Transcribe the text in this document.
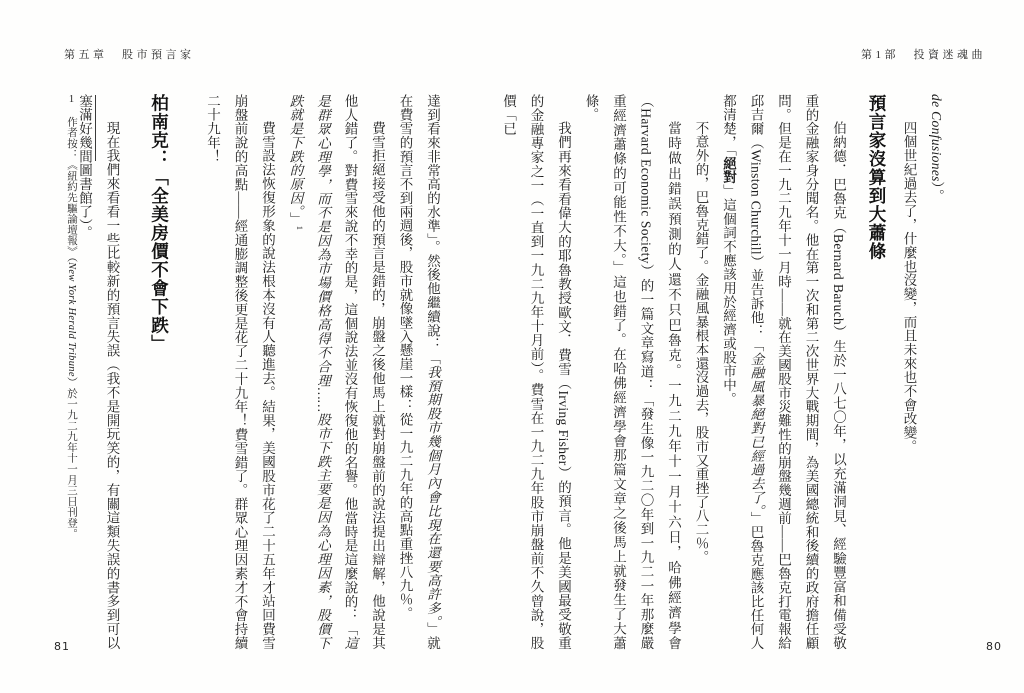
第五章　股市預言家	第1部　投資迷魂曲

de Confusiones）。

四個世紀過去了，什麼也沒變，而且未來也不會改變。

預言家沒算到大蕭條

伯納德．巴魯克（Bernard Baruch）生於一八七〇年，以充滿洞見、經驗豐富和備受敬重的金融家身分聞名。他在第一次和第二次世界大戰期間，為美國總統和後續的政府擔任顧問。但是在一九二九年十一月時——就在美國股市災難性的崩盤幾週前——巴魯克打電報給邱吉爾（Winston Churchill）並告訴他：「金融風暴絕對已經過去了。」巴魯克應該比任何人都清楚，「絕對」這個詞不應該用於經濟或股市中。

不意外的，巴魯克錯了。金融風暴根本還沒過去，股市又重挫了八二％。

當時做出錯誤預測的人還不只巴魯克。一九二九年十一月十六日，哈佛經濟學會（Harvard Economic Society）的一篇文章寫道：「發生像一九二〇年到一九二一年那麼嚴重經濟蕭條的可能性不大。」這也錯了。在哈佛經濟學會那篇文章之後馬上就發生了大蕭條。

我們再來看看偉大的耶魯教授歐文．費雪（Irving Fisher）的預言。他是美國最受敬重的金融專家之一（一直到一九二九年十月前）。費雪在一九二九年股市崩盤前不久曾說，股價「已

達到看來非常高的水準」。然後他繼續說：「我預期股市幾個月內會比現在還要高許多。」就在費雪的預言不到兩週後，股市就像墜入懸崖一樣：從一九二九年的高點重挫八九％。

費雪拒絕接受他的預言是錯的，崩盤之後他馬上就對崩盤前的說法提出辯解，他說是其他人錯了。對費雪來說不幸的是，這個說法並沒有恢復他的名譽。他當時是這麼說的：「這是群眾心理學，而不是因為市場價格高得不合理……股市下跌主要是因為心理因素，股價下跌就是下跌的原因。」$^1$

費雪設法恢復形象的說法根本沒有人聽進去。結果，美國股市花了二十五年才站回費雪崩盤前說的高點——經通膨調整後更是花了二十九年！費雪錯了。群眾心理因素才不會持續二十九年！

柏南克：「全美房價不會下跌」

現在我們來看看一些比較新的預言失誤（我不是開玩笑的，有關這類失誤的書多到可以塞滿好幾間圖書館了）。

1　作者按：《紐約先驅論壇報》（New York Herald Tribune）於一九二九年十一月三日刊登。
81	80
